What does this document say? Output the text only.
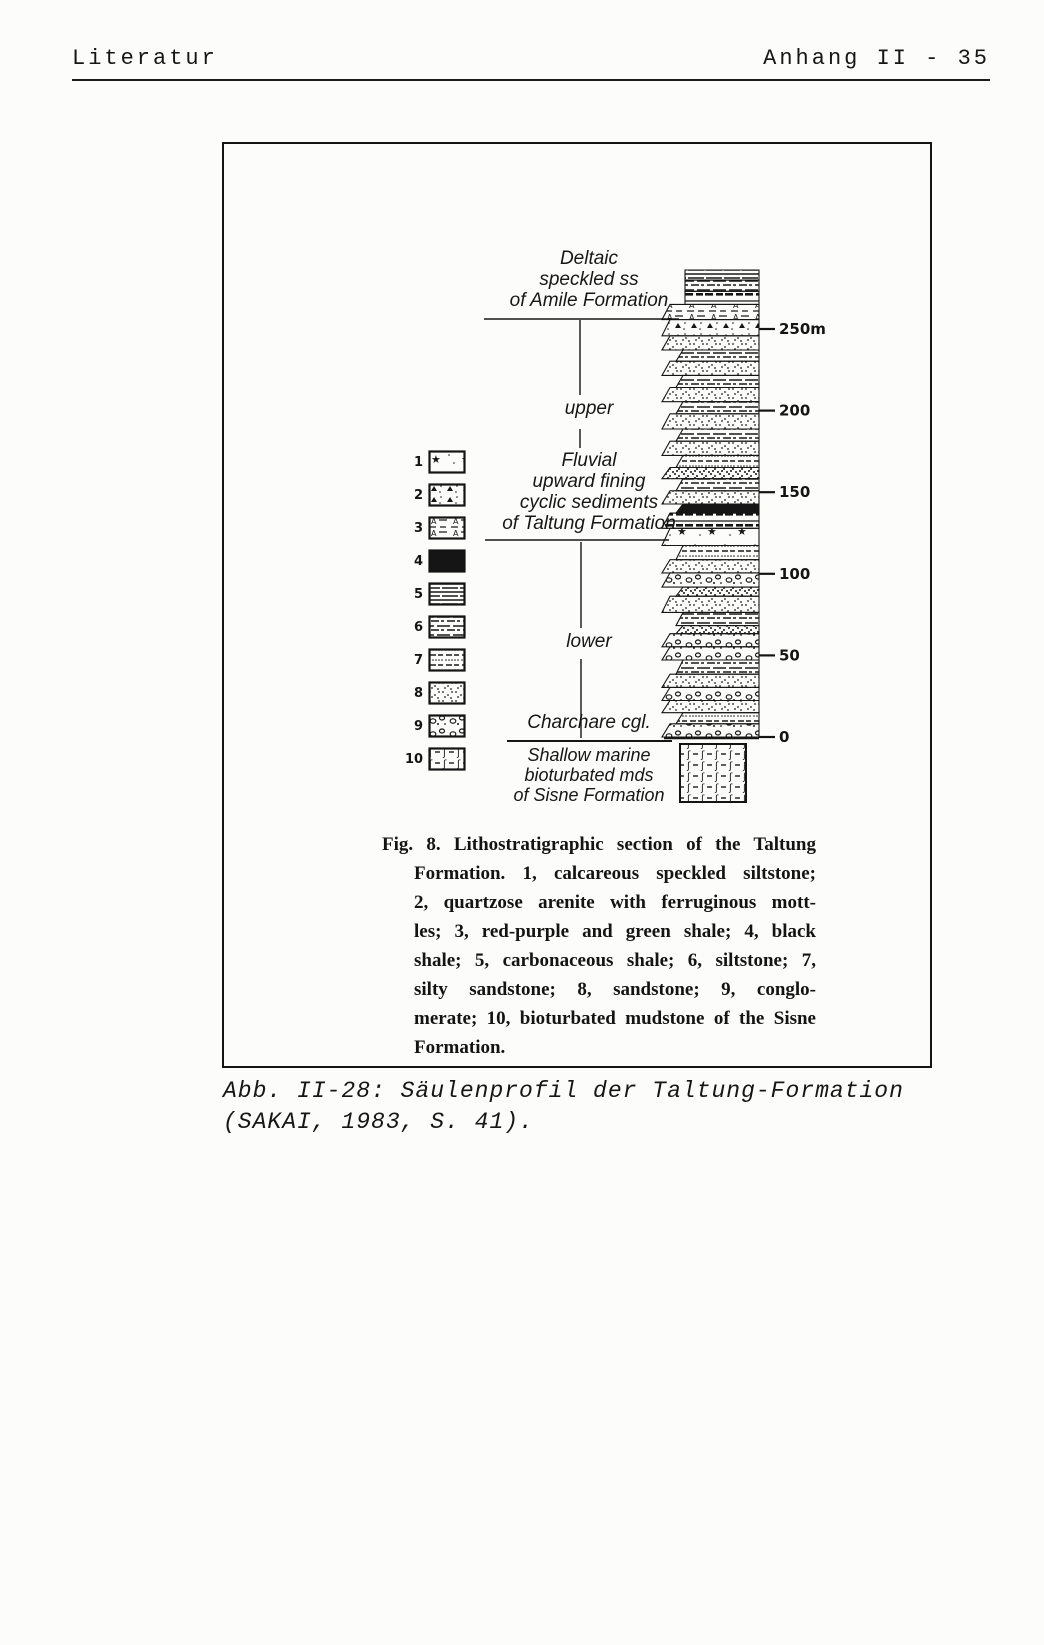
Literatur	Anhang II - 35
250m
200
150
100
50
0
Deltaic
speckled ss
of Amile Formation
upper
Fluvial
upward fining
cyclic sediments
of Taltung Formation
lower
Charchare cgl.
Shallow marine
bioturbated mds
of Sisne Formation
1
2
3
4
5
6
7
8
9
10
Fig. 8. Lithostratigraphic section of the Taltung
Formation. 1, calcareous speckled siltstone;
2, quartzose arenite with ferruginous mott-
les; 3, red-purple and green shale; 4, black
shale; 5, carbonaceous shale; 6, siltstone; 7,
silty sandstone; 8, sandstone; 9, conglo-
merate; 10, bioturbated mudstone of the Sisne
Formation.
Abb. II-28: Säulenprofil der Taltung-Formation
(SAKAI, 1983, S. 41).
